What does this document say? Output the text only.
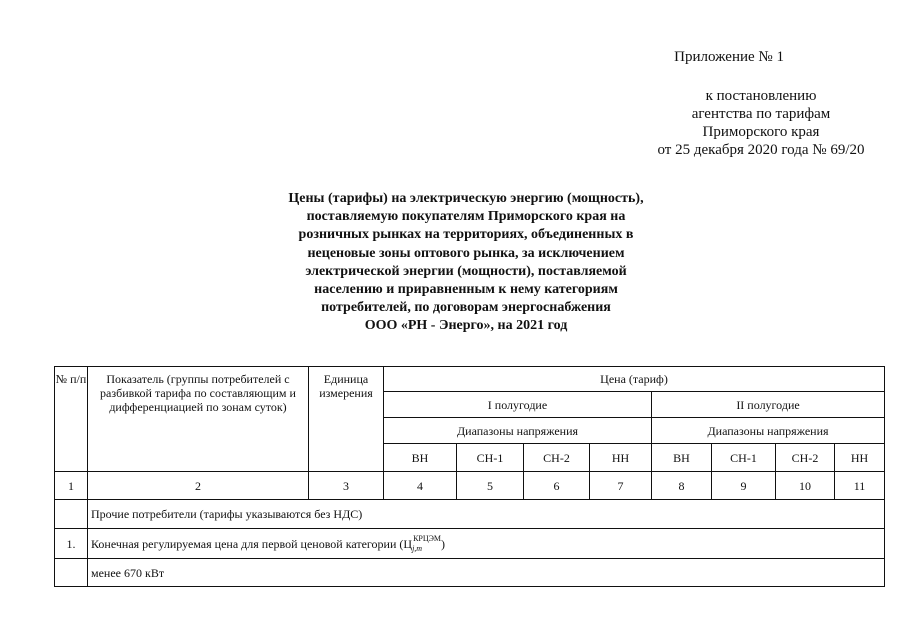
Приложение № 1
к постановлению
агентства по тарифам
Приморского края
от 25 декабря 2020 года № 69/20
Цены (тарифы) на электрическую энергию (мощность),
поставляемую покупателям Приморского края на
розничных рынках на территориях, объединенных в
неценовые зоны оптового рынка, за исключением
электрической энергии (мощности), поставляемой
населению и приравненным к нему категориям
потребителей, по договорам энергоснабжения
ООО «РН - Энерго», на 2021 год
№ п/п	Показатель (группы потребителей с разбивкой тарифа по составляющим и дифференциацией по зонам суток)	Единица измерения	Цена (тариф)							
			I полугодие				II полугодие			
			Диапазоны напряжения				Диапазоны напряжения			
			ВН	СН-1	СН-2	НН	ВН	СН-1	СН-2	НН
1	2	3	4	5	6	7	8	9	10	11
	Прочие потребители (тарифы указываются без НДС)									
1.	Конечная регулируемая цена для первой ценовой категории $(Ц_{j,m}^{КРЦЭМ})$									
	менее 670 кВт									
